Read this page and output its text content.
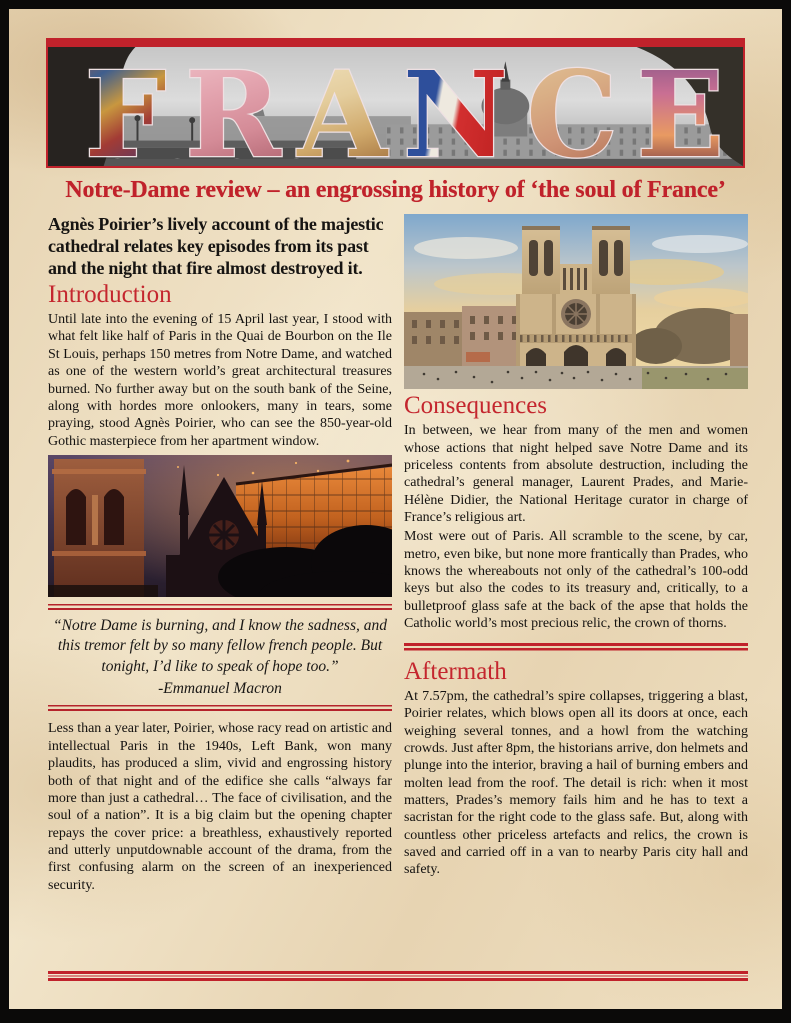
F R A N C E
Notre-Dame review – an engrossing history of ‘the soul of France’

Agnès Poirier’s lively account of the majestic cathedral relates key episodes from its past and the night that fire almost destroyed it.

Introduction

Until late into the evening of 15 April last year, I stood with what felt like half of Paris in the Quai de Bourbon on the Ile St Louis, perhaps 150 metres from Notre Dame, and watched as one of the western world’s great architectural treasures burned. No further away but on the south bank of the Seine, along with hordes more onlookers, many in tears, some praying, stood Agnès Poirier, who can see the 850-year-old Gothic masterpiece from her apartment window.

“Notre Dame is burning, and I know the sadness, and this tremor felt by so many fellow french people. But tonight, I’d like to speak of hope too.”

-Emmanuel Macron

Less than a year later, Poirier, whose racy read on artistic and intellectual Paris in the 1940s, Left Bank, won many plaudits, has produced a slim, vivid and engrossing history both of that night and of the edifice she calls “always far more than just a cathedral… The face of civilisation, and the soul of a nation”. It is a big claim but the opening chapter repays the cover price: a breathless, exhaustively reported and utterly unputdownable account of the drama, from the first confusing alarm on the screen of an inexperienced security.

Consequences

In between, we hear from many of the men and women whose actions that night helped save Notre Dame and its priceless contents from absolute destruction, including the cathedral’s general manager, Laurent Prades, and Marie-Hélène Didier, the National Heritage curator in charge of France’s religious art.

Most were out of Paris. All scramble to the scene, by car, metro, even bike, but none more frantically than Prades, who knows the whereabouts not only of the cathedral’s 100-odd keys but also the codes to its treasury and, critically, to a bulletproof glass safe at the back of the apse that holds the Catholic world’s most precious relic, the crown of thorns.

Aftermath

At 7.57pm, the cathedral’s spire collapses, triggering a blast, Poirier relates, which blows open all its doors at once, each weighing several tonnes, and a howl from the watching crowds. Just after 8pm, the historians arrive, don helmets and plunge into the interior, braving a hail of burning embers and molten lead from the roof. The detail is rich: when it most matters, Prades’s memory fails him and he has to text a sacristan for the right code to the glass safe. But, along with countless other priceless artefacts and relics, the crown is saved and carried off in a van to nearby Paris city hall and safety.
